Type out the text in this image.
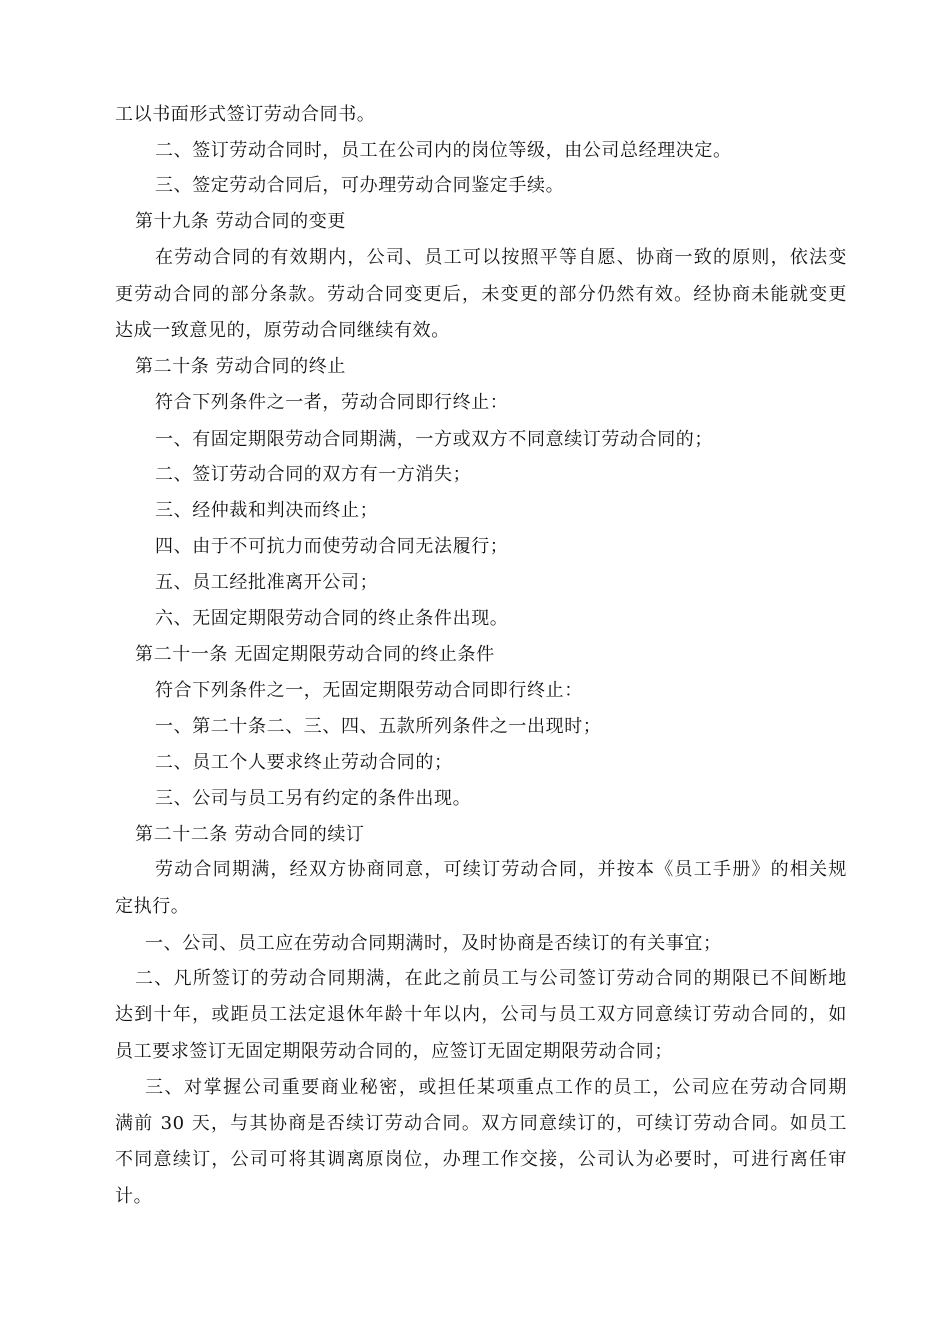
工以书面形式签订劳动合同书。
二、签订劳动合同时，员工在公司内的岗位等级，由公司总经理决定。
三、签定劳动合同后，可办理劳动合同鉴定手续。
第十九条 劳动合同的变更
在劳动合同的有效期内，公司、员工可以按照平等自愿、协商一致的原则，依法变
更劳动合同的部分条款。劳动合同变更后，未变更的部分仍然有效。经协商未能就变更
达成一致意见的，原劳动合同继续有效。
第二十条 劳动合同的终止
符合下列条件之一者，劳动合同即行终止：
一、有固定期限劳动合同期满，一方或双方不同意续订劳动合同的；
二、签订劳动合同的双方有一方消失；
三、经仲裁和判决而终止；
四、由于不可抗力而使劳动合同无法履行；
五、员工经批准离开公司；
六、无固定期限劳动合同的终止条件出现。
第二十一条 无固定期限劳动合同的终止条件
符合下列条件之一，无固定期限劳动合同即行终止：
一、第二十条二、三、四、五款所列条件之一出现时；
二、员工个人要求终止劳动合同的；
三、公司与员工另有约定的条件出现。
第二十二条 劳动合同的续订
劳动合同期满，经双方协商同意，可续订劳动合同，并按本《员工手册》的相关规
定执行。
一、公司、员工应在劳动合同期满时，及时协商是否续订的有关事宜；
二、凡所签订的劳动合同期满，在此之前员工与公司签订劳动合同的期限已不间断地
达到十年，或距员工法定退休年龄十年以内，公司与员工双方同意续订劳动合同的，如
员工要求签订无固定期限劳动合同的，应签订无固定期限劳动合同；
三、对掌握公司重要商业秘密，或担任某项重点工作的员工，公司应在劳动合同期
满前 30 天，与其协商是否续订劳动合同。双方同意续订的，可续订劳动合同。如员工
不同意续订，公司可将其调离原岗位，办理工作交接，公司认为必要时，可进行离任审
计。
